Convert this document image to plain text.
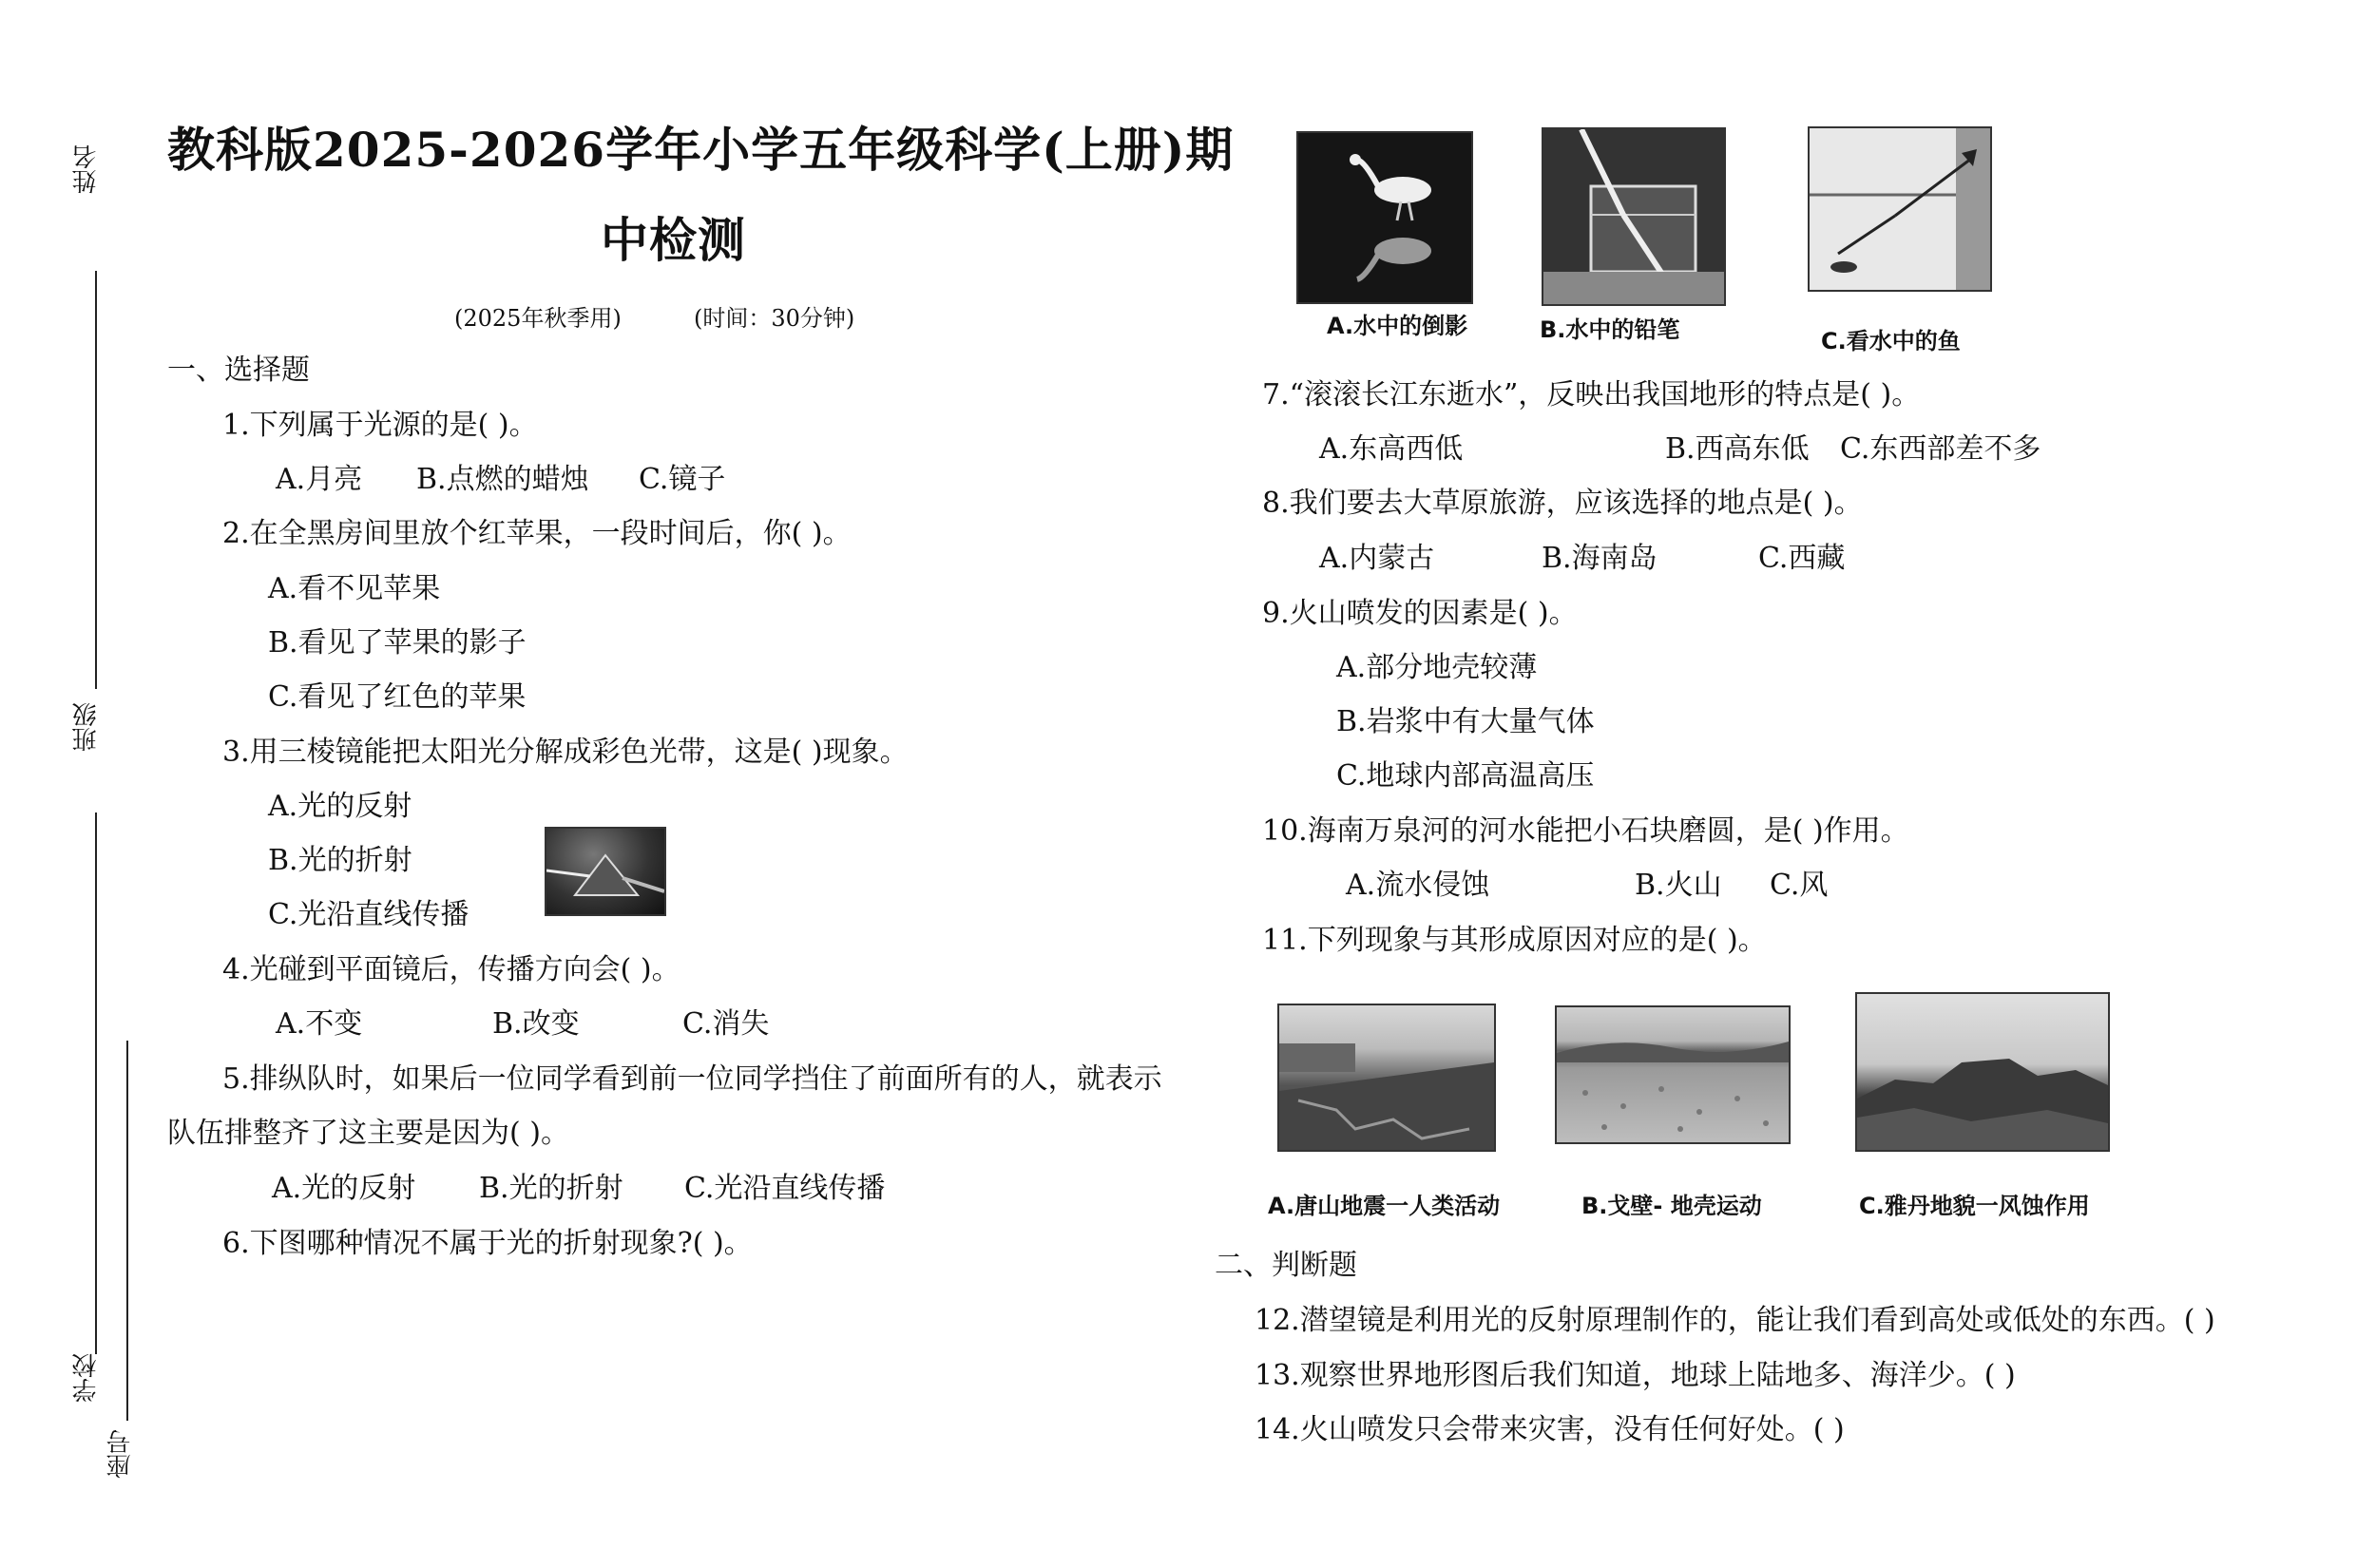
姓名
班级
学校
座号
教科版2025-2026学年小学五年级科学(上册)期
中检测
(2025年秋季用)	(时间：30分钟)
一、选择题
1.下列属于光源的是( )。
A.月亮 B.点燃的蜡烛 C.镜子
2.在全黑房间里放个红苹果，一段时间后，你( )。
A.看不见苹果
B.看见了苹果的影子
C.看见了红色的苹果
3.用三棱镜能把太阳光分解成彩色光带，这是( )现象。
A.光的反射
B.光的折射
C.光沿直线传播
4.光碰到平面镜后，传播方向会( )。
A.不变	B.改变	C.消失
5.排纵队时，如果后一位同学看到前一位同学挡住了前面所有的人，就表示
队伍排整齐了这主要是因为( )。
A.光的反射 B.光的折射 C.光沿直线传播
6.下图哪种情况不属于光的折射现象?( )。
A.水中的倒影	B.水中的铅笔	C.看水中的鱼
7.“滚滚长江东逝水”，反映出我国地形的特点是( )。
A.东高西低	B.西高东低 C.东西部差不多
8.我们要去大草原旅游，应该选择的地点是( )。
A.内蒙古	B.海南岛	C.西藏
9.火山喷发的因素是( )。
A.部分地壳较薄
B.岩浆中有大量气体
C.地球内部高温高压
10.海南万泉河的河水能把小石块磨圆，是( )作用。
A.流水侵蚀	B.火山 C.风
11.下列现象与其形成原因对应的是( )。
A.唐山地震一人类活动	B.戈壁- 地壳运动	C.雅丹地貌一风蚀作用
二、判断题
12.潜望镜是利用光的反射原理制作的，能让我们看到高处或低处的东西。( )
13.观察世界地形图后我们知道，地球上陆地多、海洋少。( )
14.火山喷发只会带来灾害，没有任何好处。( )
